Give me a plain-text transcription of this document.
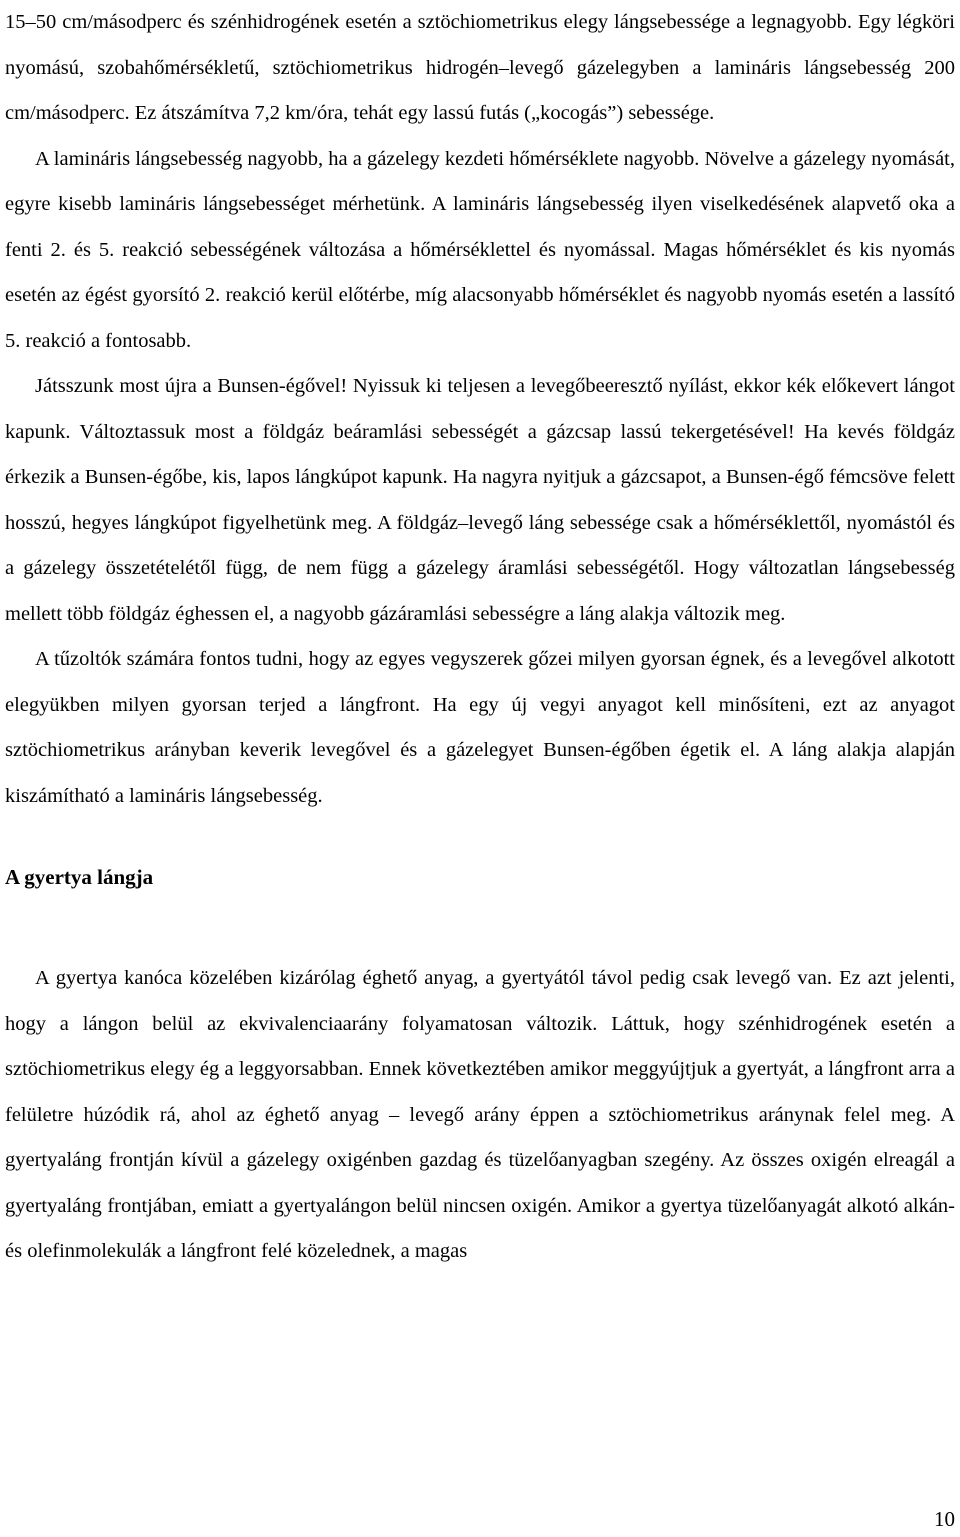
15‒50 cm/másodperc és szénhidrogének esetén a sztöchiometrikus elegy lángsebessége a legnagyobb. Egy légköri nyomású, szobahőmérsékletű, sztöchiometrikus hidrogén‒levegő gázelegyben a lamináris lángsebesség 200 cm/másodperc. Ez átszámítva 7,2 km/óra, tehát egy lassú futás („kocogás”) sebessége.

A lamináris lángsebesség nagyobb, ha a gázelegy kezdeti hőmérséklete nagyobb. Növelve a gázelegy nyomását, egyre kisebb lamináris lángsebességet mérhetünk. A lamináris lángsebesség ilyen viselkedésének alapvető oka a fenti 2. és 5. reakció sebességének változása a hőmérséklettel és nyomással. Magas hőmérséklet és kis nyomás esetén az égést gyorsító 2. reakció kerül előtérbe, míg alacsonyabb hőmérséklet és nagyobb nyomás esetén a lassító 5. reakció a fontosabb.

Játsszunk most újra a Bunsen-égővel! Nyissuk ki teljesen a levegőbeeresztő nyílást, ekkor kék előkevert lángot kapunk. Változtassuk most a földgáz beáramlási sebességét a gázcsap lassú tekergetésével! Ha kevés földgáz érkezik a Bunsen-égőbe, kis, lapos lángkúpot kapunk. Ha nagyra nyitjuk a gázcsapot, a Bunsen-égő fémcsöve felett hosszú, hegyes lángkúpot figyelhetünk meg. A földgáz‒levegő láng sebessége csak a hőmérséklettől, nyomástól és a gázelegy összetételétől függ, de nem függ a gázelegy áramlási sebességétől. Hogy változatlan lángsebesség mellett több földgáz éghessen el, a nagyobb gázáramlási sebességre a láng alakja változik meg.

A tűzoltók számára fontos tudni, hogy az egyes vegyszerek gőzei milyen gyorsan égnek, és a levegővel alkotott elegyükben milyen gyorsan terjed a lángfront. Ha egy új vegyi anyagot kell minősíteni, ezt az anyagot sztöchiometrikus arányban keverik levegővel és a gázelegyet Bunsen-égőben égetik el. A láng alakja alapján kiszámítható a lamináris lángsebesség.

A gyertya lángja

A gyertya kanóca közelében kizárólag éghető anyag, a gyertyától távol pedig csak levegő van. Ez azt jelenti, hogy a lángon belül az ekvivalenciaarány folyamatosan változik. Láttuk, hogy szénhidrogének esetén a sztöchiometrikus elegy ég a leggyorsabban. Ennek következtében amikor meggyújtjuk a gyertyát, a lángfront arra a felületre húzódik rá, ahol az éghető anyag ‒ levegő arány éppen a sztöchiometrikus aránynak felel meg. A gyertyaláng frontján kívül a gázelegy oxigénben gazdag és tüzelőanyagban szegény. Az összes oxigén elreagál a gyertyaláng frontjában, emiatt a gyertyalángon belül nincsen oxigén. Amikor a gyertya tüzelőanyagát alkotó alkán- és olefinmolekulák a lángfront felé közelednek, a magas

10
